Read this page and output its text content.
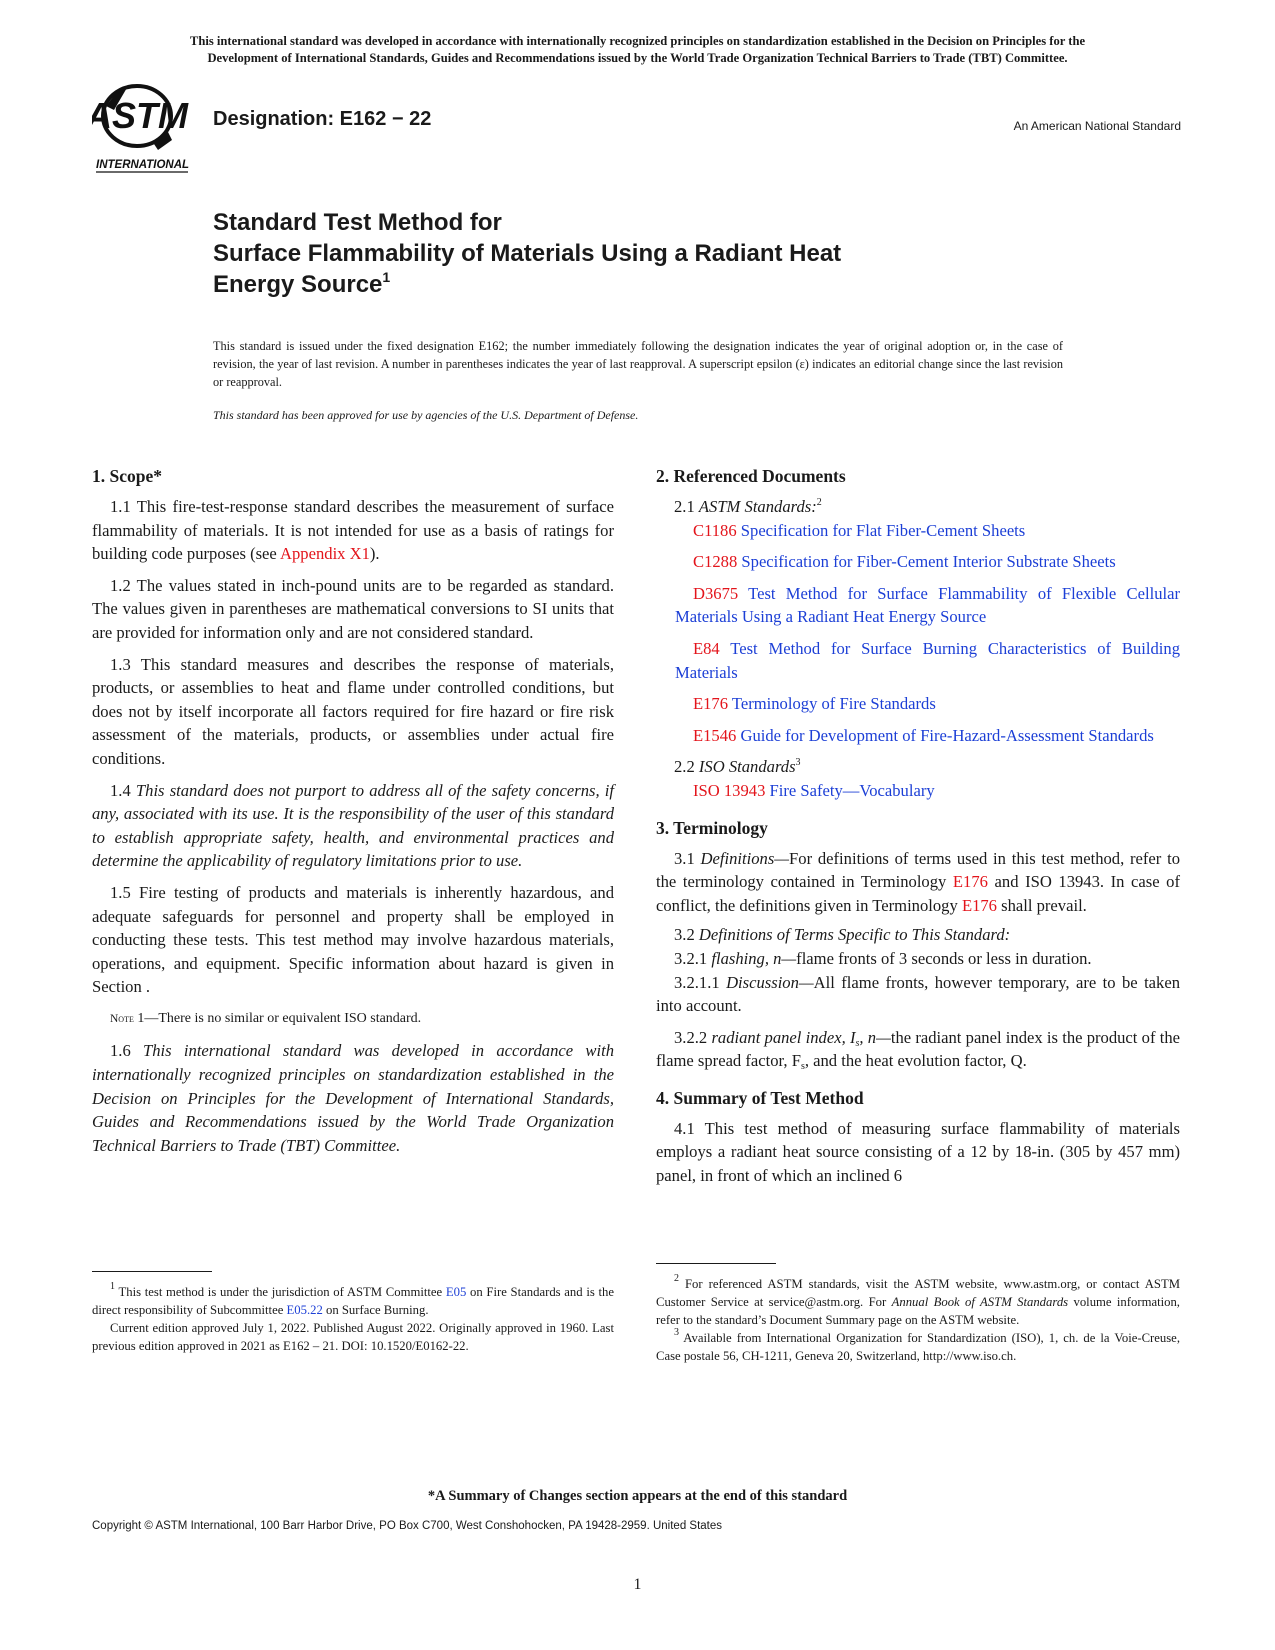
This international standard was developed in accordance with internationally recognized principles on standardization established in the Decision on Principles for the
Development of International Standards, Guides and Recommendations issued by the World Trade Organization Technical Barriers to Trade (TBT) Committee.
ASTM
INTERNATIONAL
Designation: E162 − 22	An American National Standard
Standard Test Method for
Surface Flammability of Materials Using a Radiant Heat
Energy Source$^1$
This standard is issued under the fixed designation E162; the number immediately following the designation indicates the year of original adoption or, in the case of revision, the year of last revision. A number in parentheses indicates the year of last reapproval. A superscript epsilon (ε) indicates an editorial change since the last revision or reapproval.
This standard has been approved for use by agencies of the U.S. Department of Defense.
1. Scope*

1.1 This fire-test-response standard describes the measurement of surface flammability of materials. It is not intended for use as a basis of ratings for building code purposes (see Appendix X1).

1.2 The values stated in inch-pound units are to be regarded as standard. The values given in parentheses are mathematical conversions to SI units that are provided for information only and are not considered standard.

1.3 This standard measures and describes the response of materials, products, or assemblies to heat and flame under controlled conditions, but does not by itself incorporate all factors required for fire hazard or fire risk assessment of the materials, products, or assemblies under actual fire conditions.

1.4 This standard does not purport to address all of the safety concerns, if any, associated with its use. It is the responsibility of the user of this standard to establish appropriate safety, health, and environmental practices and determine the applicability of regulatory limitations prior to use.

1.5 Fire testing of products and materials is inherently hazardous, and adequate safeguards for personnel and property shall be employed in conducting these tests. This test method may involve hazardous materials, operations, and equipment. Specific information about hazard is given in Section .

Note 1—There is no similar or equivalent ISO standard.

1.6 This international standard was developed in accordance with internationally recognized principles on standardization established in the Decision on Principles for the Development of International Standards, Guides and Recommendations issued by the World Trade Organization Technical Barriers to Trade (TBT) Committee.

2. Referenced Documents

2.1 ASTM Standards:$^2$

C1186 Specification for Flat Fiber-Cement Sheets

C1288 Specification for Fiber-Cement Interior Substrate Sheets

D3675 Test Method for Surface Flammability of Flexible Cellular Materials Using a Radiant Heat Energy Source

E84 Test Method for Surface Burning Characteristics of Building Materials

E176 Terminology of Fire Standards

E1546 Guide for Development of Fire-Hazard-Assessment Standards

2.2 ISO Standards$^3$

ISO 13943 Fire Safety—Vocabulary

3. Terminology

3.1 Definitions—For definitions of terms used in this test method, refer to the terminology contained in Terminology E176 and ISO 13943. In case of conflict, the definitions given in Terminology E176 shall prevail.

3.2 Definitions of Terms Specific to This Standard:

3.2.1 flashing, n—flame fronts of 3 seconds or less in duration.

3.2.1.1 Discussion—All flame fronts, however temporary, are to be taken into account.

3.2.2 radiant panel index, $I_s$, n—the radiant panel index is the product of the flame spread factor, $F_s$, and the heat evolution factor, Q.

4. Summary of Test Method

4.1 This test method of measuring surface flammability of materials employs a radiant heat source consisting of a 12 by 18-in. (305 by 457 mm) panel, in front of which an inclined 6

$^1$ This test method is under the jurisdiction of ASTM Committee E05 on Fire Standards and is the direct responsibility of Subcommittee E05.22 on Surface Burning.

Current edition approved July 1, 2022. Published August 2022. Originally approved in 1960. Last previous edition approved in 2021 as E162 – 21. DOI: 10.1520/E0162-22.

$^2$ For referenced ASTM standards, visit the ASTM website, www.astm.org, or contact ASTM Customer Service at service@astm.org. For Annual Book of ASTM Standards volume information, refer to the standard’s Document Summary page on the ASTM website.

$^3$ Available from International Organization for Standardization (ISO), 1, ch. de la Voie-Creuse, Case postale 56, CH-1211, Geneva 20, Switzerland, http://www.iso.ch.

*A Summary of Changes section appears at the end of this standard
Copyright © ASTM International, 100 Barr Harbor Drive, PO Box C700, West Conshohocken, PA 19428-2959. United States
1
